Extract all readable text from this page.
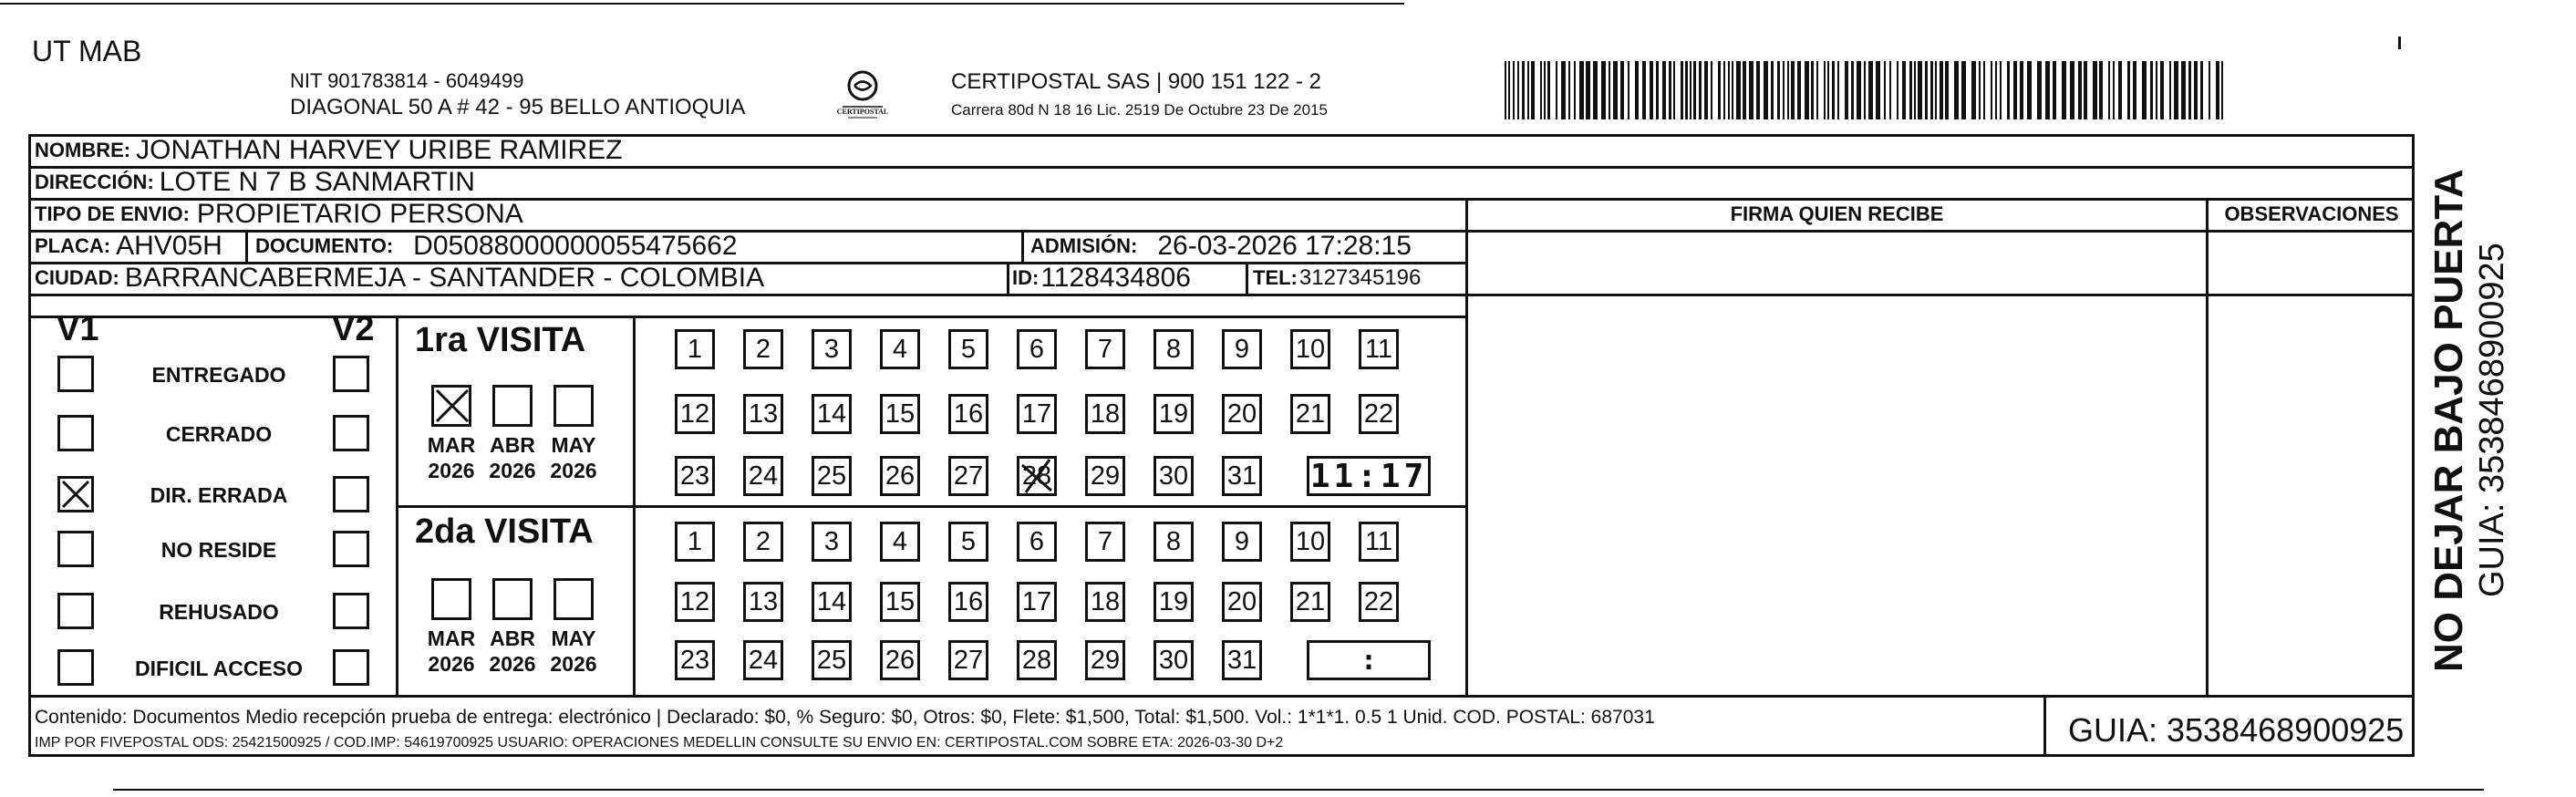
UT MAB
NIT 901783814 - 6049499
DIAGONAL 50 A # 42 - 95 BELLO ANTIOQUIA	CERTIPOSTAL
CERTIPOSTAL SAS | 900 151 122 - 2
Carrera 80d N 18 16 Lic. 2519 De Octubre 23 De 2015
NOMBRE: JONATHAN HARVEY URIBE RAMIREZ
DIRECCIÓN: LOTE N 7 B SANMARTIN
TIPO DE ENVIO: PROPIETARIO PERSONA	FIRMA QUIEN RECIBE	OBSERVACIONES
PLACA: AHV05H DOCUMENTO: D05088000000055475662	ADMISIÓN: 26-03-2026 17:28:15
CIUDAD: BARRANCABERMEJA - SANTANDER - COLOMBIA	ID: 1128434806	TEL: 3127345196
V1	V2
ENTREGADO
CERRADO
DIR. ERRADA
NO RESIDE
REHUSADO
DIFICIL ACCESO
1ra VISITA
MAR
2026
ABR
2026
MAY
2026
1 2 3 4 5 6 7 8 9 10 11
12 13 14 15 16 17 18 19 20 21 22
23 24 25 26 27 28 29 30 31 11:17
2da VISITA
MAR
2026
ABR
2026
MAY
2026
1 2 3 4 5 6 7 8 9 10 11
12 13 14 15 16 17 18 19 20 21 22
23 24 25 26 27 28 29 30 31	:
Contenido: Documentos Medio recepción prueba de entrega: electrónico | Declarado: $0, % Seguro: $0, Otros: $0, Flete: $1,500, Total: $1,500. Vol.: 1*1*1. 0.5 1 Unid. COD. POSTAL: 687031
IMP POR FIVEPOSTAL ODS: 25421500925 / COD.IMP: 54619700925 USUARIO: OPERACIONES MEDELLIN CONSULTE SU ENVIO EN: CERTIPOSTAL.COM SOBRE ETA: 2026-03-30 D+2	GUIA: 3538468900925
NO DEJAR BAJO PUERTA GUIA: 3538468900925
